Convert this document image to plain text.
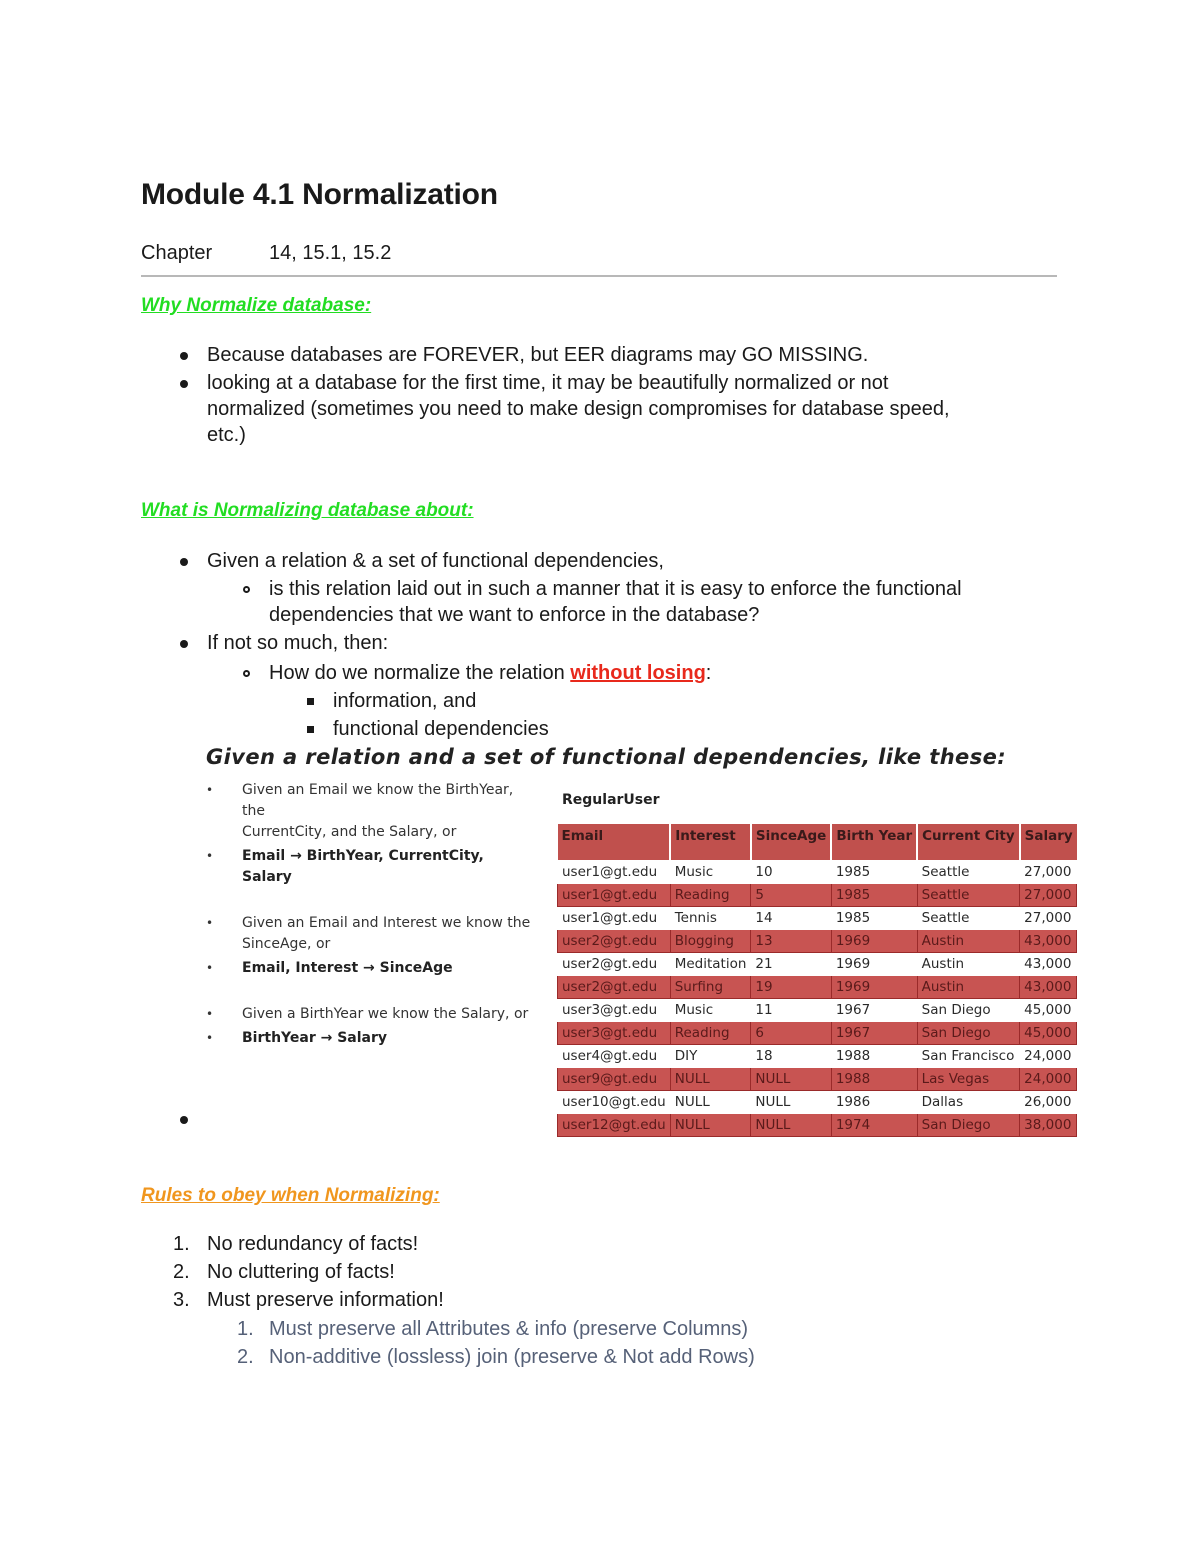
Module 4.1 Normalization
Chapter	14, 15.1, 15.2
Why Normalize database:
Because databases are FOREVER, but EER diagrams may GO MISSING.
looking at a database for the first time, it may be beautifully normalized or not
normalized (sometimes you need to make design compromises for database speed,
etc.)
What is Normalizing database about:
Given a relation & a set of functional dependencies,
is this relation laid out in such a manner that it is easy to enforce the functional
dependencies that we want to enforce in the database?
If not so much, then:
How do we normalize the relation without losing:
information, and
functional dependencies
Given a relation and a set of functional dependencies, like these:
• Given an Email we know the BirthYear, the
CurrentCity, and the Salary, or
• Email → BirthYear, CurrentCity, Salary
• Given an Email and Interest we know the
SinceAge, or
• Email, Interest → SinceAge
• Given a BirthYear we know the Salary, or
• BirthYear → Salary
RegularUser
Email	Interest	SinceAge	Birth Year	Current City	Salary
user1@gt.edu	Music	10	1985	Seattle	27,000
user1@gt.edu	Reading	5	1985	Seattle	27,000
user1@gt.edu	Tennis	14	1985	Seattle	27,000
user2@gt.edu	Blogging	13	1969	Austin	43,000
user2@gt.edu	Meditation	21	1969	Austin	43,000
user2@gt.edu	Surfing	19	1969	Austin	43,000
user3@gt.edu	Music	11	1967	San Diego	45,000
user3@gt.edu	Reading	6	1967	San Diego	45,000
user4@gt.edu	DIY	18	1988	San Francisco	24,000
user9@gt.edu	NULL	NULL	1988	Las Vegas	24,000
user10@gt.edu	NULL	NULL	1986	Dallas	26,000
user12@gt.edu	NULL	NULL	1974	San Diego	38,000
Rules to obey when Normalizing:
1. No redundancy of facts!
2. No cluttering of facts!
3. Must preserve information!
1. Must preserve all Attributes & info (preserve Columns)
2. Non-additive (lossless) join (preserve & Not add Rows)
